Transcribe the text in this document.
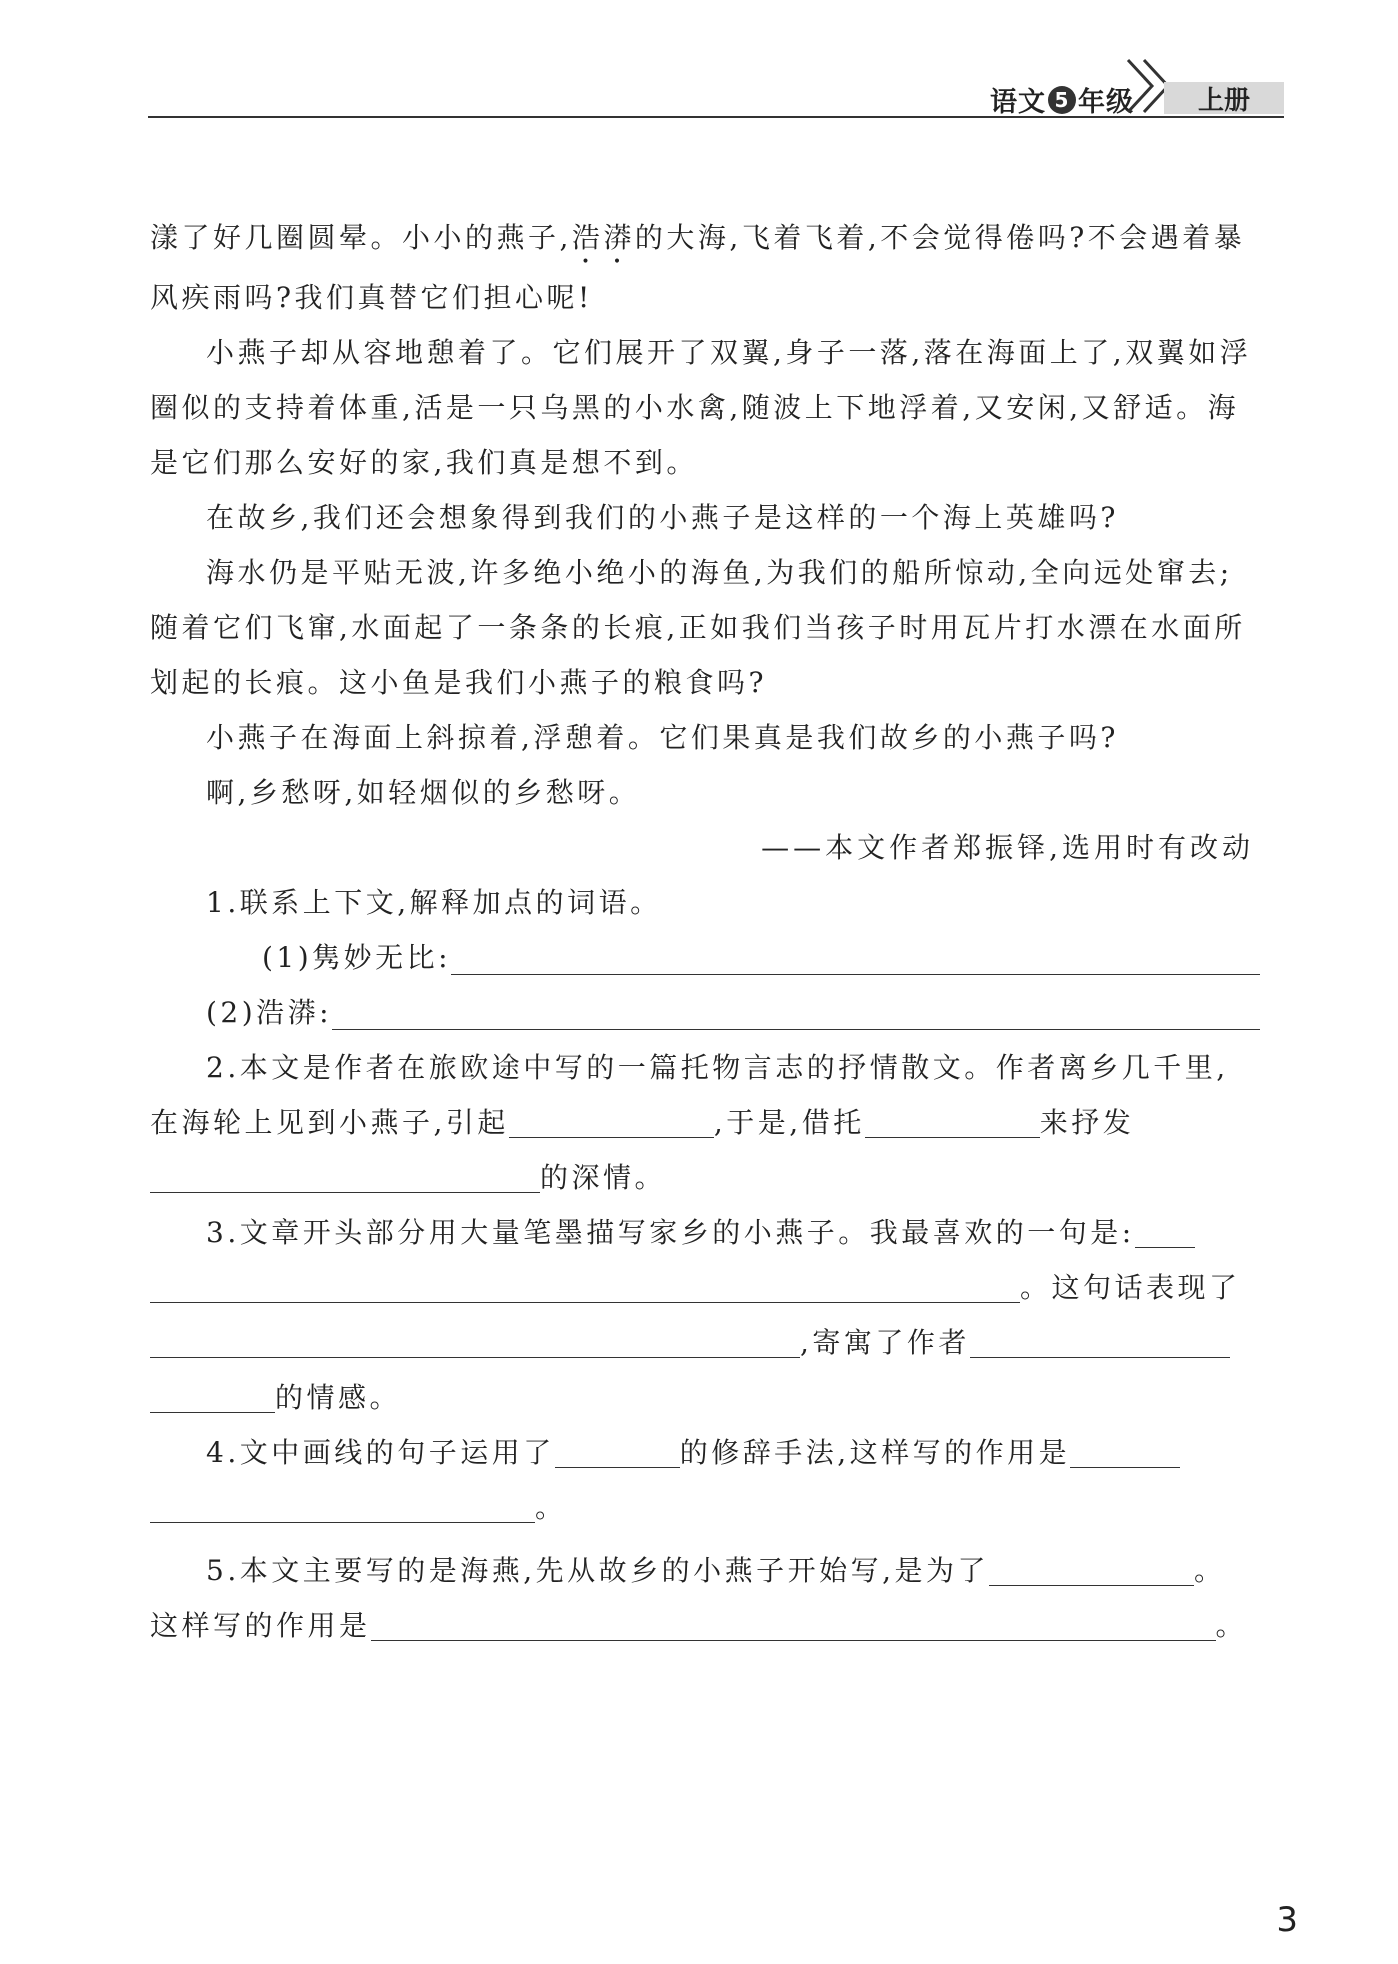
语文 5 年级	上册

漾了好几圈圆晕。小小的燕子,浩漭的大海,飞着飞着,不会觉得倦吗?不会遇着暴风疾雨吗?我们真替它们担心呢!

小燕子却从容地憩着了。它们展开了双翼,身子一落,落在海面上了,双翼如浮圈似的支持着体重,活是一只乌黑的小水禽,随波上下地浮着,又安闲,又舒适。海是它们那么安好的家,我们真是想不到。

在故乡,我们还会想象得到我们的小燕子是这样的一个海上英雄吗?

海水仍是平贴无波,许多绝小绝小的海鱼,为我们的船所惊动,全向远处窜去;随着它们飞窜,水面起了一条条的长痕,正如我们当孩子时用瓦片打水漂在水面所划起的长痕。这小鱼是我们小燕子的粮食吗?

小燕子在海面上斜掠着,浮憩着。它们果真是我们故乡的小燕子吗?

啊,乡愁呀,如轻烟似的乡愁呀。

——本文作者郑振铎,选用时有改动

1.联系上下文,解释加点的词语。

(1)隽妙无比:
(2)浩漭:

2.本文是作者在旅欧途中写的一篇托物言志的抒情散文。作者离乡几千里,在海轮上见到小燕子,引起	,于是,借托	来抒发
的深情。

3.文章开头部分用大量笔墨描写家乡的小燕子。我最喜欢的一句是:
。这句话表现了
,寄寓了作者
的情感。

4.文中画线的句子运用了	的修辞手法,这样写的作用是
。

5.本文主要写的是海燕,先从故乡的小燕子开始写,是为了	。
这样写的作用是	。

3
